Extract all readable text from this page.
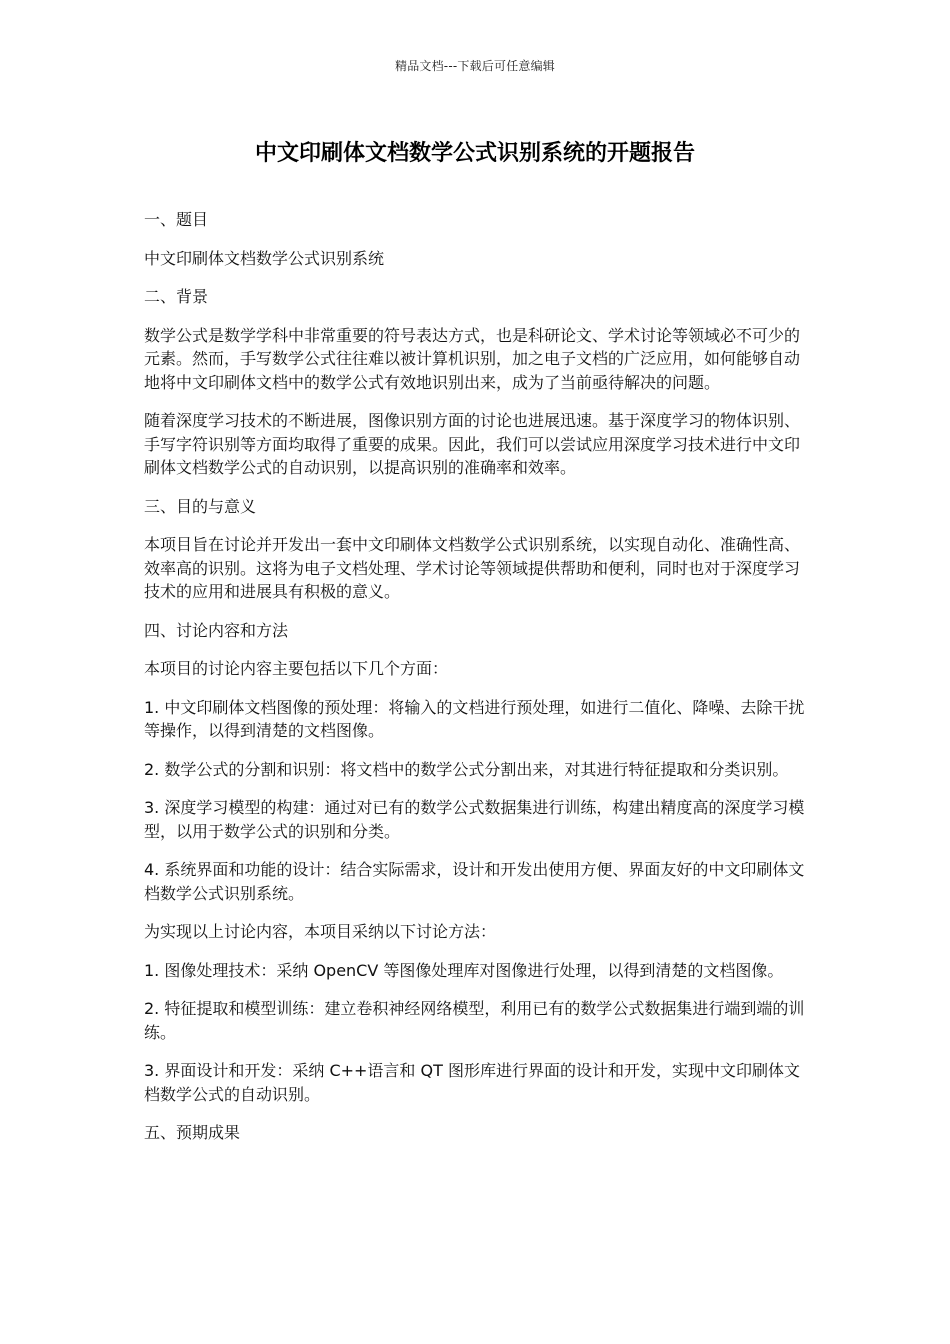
精品文档---下载后可任意编辑
中文印刷体文档数学公式识别系统的开题报告
一、题目

中文印刷体文档数学公式识别系统

二、背景

数学公式是数学学科中非常重要的符号表达方式，也是科研论文、学术讨论等领域必不可少的元素。然而，手写数学公式往往难以被计算机识别，加之电子文档的广泛应用，如何能够自动地将中文印刷体文档中的数学公式有效地识别出来，成为了当前亟待解决的问题。

随着深度学习技术的不断进展，图像识别方面的讨论也进展迅速。基于深度学习的物体识别、手写字符识别等方面均取得了重要的成果。因此，我们可以尝试应用深度学习技术进行中文印刷体文档数学公式的自动识别，以提高识别的准确率和效率。

三、目的与意义

本项目旨在讨论并开发出一套中文印刷体文档数学公式识别系统，以实现自动化、准确性高、效率高的识别。这将为电子文档处理、学术讨论等领域提供帮助和便利，同时也对于深度学习技术的应用和进展具有积极的意义。

四、讨论内容和方法

本项目的讨论内容主要包括以下几个方面：

1. 中文印刷体文档图像的预处理：将输入的文档进行预处理，如进行二值化、降噪、去除干扰等操作，以得到清楚的文档图像。

2. 数学公式的分割和识别：将文档中的数学公式分割出来，对其进行特征提取和分类识别。

3. 深度学习模型的构建：通过对已有的数学公式数据集进行训练，构建出精度高的深度学习模型，以用于数学公式的识别和分类。

4. 系统界面和功能的设计：结合实际需求，设计和开发出使用方便、界面友好的中文印刷体文档数学公式识别系统。

为实现以上讨论内容，本项目采纳以下讨论方法：

1. 图像处理技术：采纳 OpenCV 等图像处理库对图像进行处理，以得到清楚的文档图像。

2. 特征提取和模型训练：建立卷积神经网络模型，利用已有的数学公式数据集进行端到端的训练。

3. 界面设计和开发：采纳 C++语言和 QT 图形库进行界面的设计和开发，实现中文印刷体文档数学公式的自动识别。

五、预期成果
